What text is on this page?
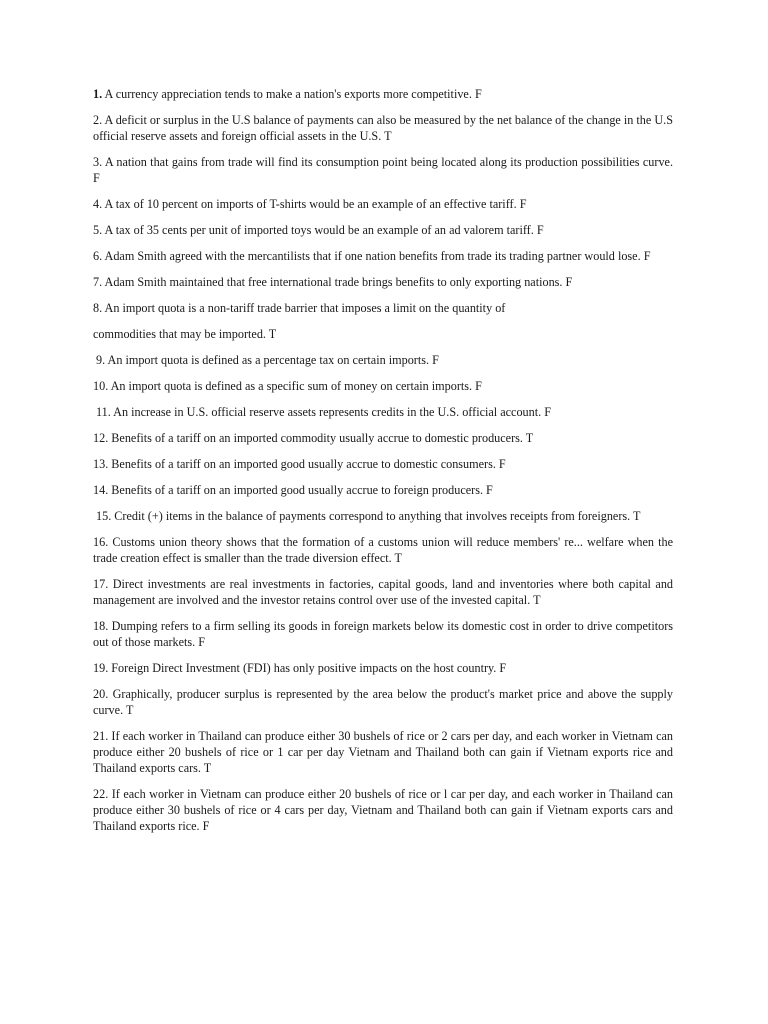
1. A currency appreciation tends to make a nation's exports more competitive. F

2. A deficit or surplus in the U.S balance of payments can also be measured by the net balance of the change in the U.S official reserve assets and foreign official assets in the U.S. T

3. A nation that gains from trade will find its consumption point being located along its production possibilities curve. F

4. A tax of 10 percent on imports of T-shirts would be an example of an effective tariff. F

5. A tax of 35 cents per unit of imported toys would be an example of an ad valorem tariff. F

6. Adam Smith agreed with the mercantilists that if one nation benefits from trade its trading partner would lose. F

7. Adam Smith maintained that free international trade brings benefits to only exporting nations. F

8. An import quota is a non-tariff trade barrier that imposes a limit on the quantity of

commodities that may be imported. T

9. An import quota is defined as a percentage tax on certain imports. F

10. An import quota is defined as a specific sum of money on certain imports. F

11. An increase in U.S. official reserve assets represents credits in the U.S. official account. F

12. Benefits of a tariff on an imported commodity usually accrue to domestic producers. T

13. Benefits of a tariff on an imported good usually accrue to domestic consumers. F

14. Benefits of a tariff on an imported good usually accrue to foreign producers. F

15. Credit (+) items in the balance of payments correspond to anything that involves receipts from foreigners. T

16. Customs union theory shows that the formation of a customs union will reduce members' re... welfare when the trade creation effect is smaller than the trade diversion effect. T

17. Direct investments are real investments in factories, capital goods, land and inventories where both capital and management are involved and the investor retains control over use of the invested capital. T

18. Dumping refers to a firm selling its goods in foreign markets below its domestic cost in order to drive competitors out of those markets. F

19. Foreign Direct Investment (FDI) has only positive impacts on the host country. F

20. Graphically, producer surplus is represented by the area below the product's market price and above the supply curve. T

21. If each worker in Thailand can produce either 30 bushels of rice or 2 cars per day, and each worker in Vietnam can produce either 20 bushels of rice or 1 car per day Vietnam and Thailand both can gain if Vietnam exports rice and Thailand exports cars. T

22. If each worker in Vietnam can produce either 20 bushels of rice or l car per day, and each worker in Thailand can produce either 30 bushels of rice or 4 cars per day, Vietnam and Thailand both can gain if Vietnam exports cars and Thailand exports rice. F
